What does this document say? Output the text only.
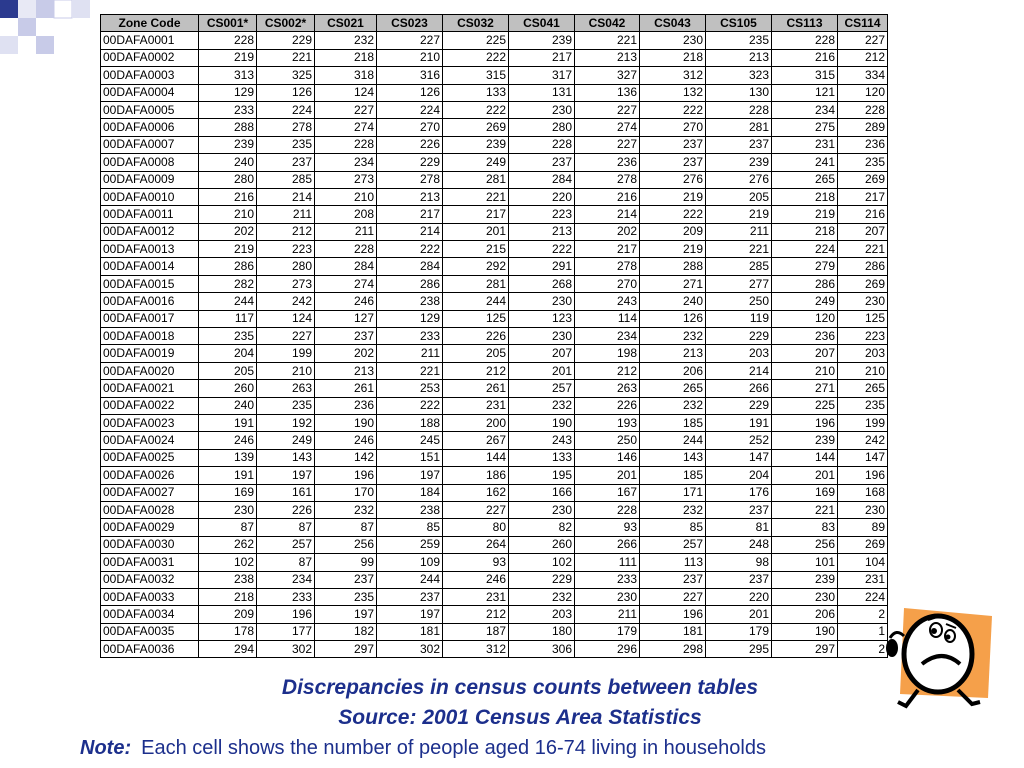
Zone Code	CS001*	CS002*	CS021	CS023	CS032	CS041	CS042	CS043	CS105	CS113	CS114
00DAFA0001	228	229	232	227	225	239	221	230	235	228	227
00DAFA0002	219	221	218	210	222	217	213	218	213	216	212
00DAFA0003	313	325	318	316	315	317	327	312	323	315	334
00DAFA0004	129	126	124	126	133	131	136	132	130	121	120
00DAFA0005	233	224	227	224	222	230	227	222	228	234	228
00DAFA0006	288	278	274	270	269	280	274	270	281	275	289
00DAFA0007	239	235	228	226	239	228	227	237	237	231	236
00DAFA0008	240	237	234	229	249	237	236	237	239	241	235
00DAFA0009	280	285	273	278	281	284	278	276	276	265	269
00DAFA0010	216	214	210	213	221	220	216	219	205	218	217
00DAFA0011	210	211	208	217	217	223	214	222	219	219	216
00DAFA0012	202	212	211	214	201	213	202	209	211	218	207
00DAFA0013	219	223	228	222	215	222	217	219	221	224	221
00DAFA0014	286	280	284	284	292	291	278	288	285	279	286
00DAFA0015	282	273	274	286	281	268	270	271	277	286	269
00DAFA0016	244	242	246	238	244	230	243	240	250	249	230
00DAFA0017	117	124	127	129	125	123	114	126	119	120	125
00DAFA0018	235	227	237	233	226	230	234	232	229	236	223
00DAFA0019	204	199	202	211	205	207	198	213	203	207	203
00DAFA0020	205	210	213	221	212	201	212	206	214	210	210
00DAFA0021	260	263	261	253	261	257	263	265	266	271	265
00DAFA0022	240	235	236	222	231	232	226	232	229	225	235
00DAFA0023	191	192	190	188	200	190	193	185	191	196	199
00DAFA0024	246	249	246	245	267	243	250	244	252	239	242
00DAFA0025	139	143	142	151	144	133	146	143	147	144	147
00DAFA0026	191	197	196	197	186	195	201	185	204	201	196
00DAFA0027	169	161	170	184	162	166	167	171	176	169	168
00DAFA0028	230	226	232	238	227	230	228	232	237	221	230
00DAFA0029	87	87	87	85	80	82	93	85	81	83	89
00DAFA0030	262	257	256	259	264	260	266	257	248	256	269
00DAFA0031	102	87	99	109	93	102	111	113	98	101	104
00DAFA0032	238	234	237	244	246	229	233	237	237	239	231
00DAFA0033	218	233	235	237	231	232	230	227	220	230	224
00DAFA0034	209	196	197	197	212	203	211	196	201	206	2
00DAFA0035	178	177	182	181	187	180	179	181	179	190	1
00DAFA0036	294	302	297	302	312	306	296	298	295	297	2
Discrepancies in census counts between tables
Source: 2001 Census Area Statistics
Note: Each cell shows the number of people aged 16-74 living in households
